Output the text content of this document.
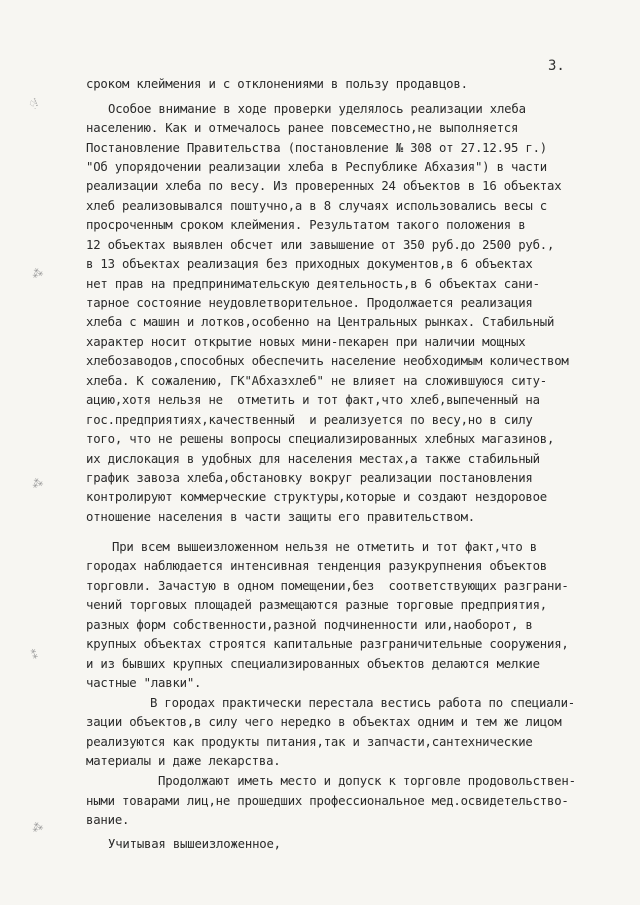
3.
ׅ♢ⵂ
⁂
⁂
⁑
⁂
сроком клеймения и с отклонениями в пользу продавцов.
Особое внимание в ходе проверки уделялось реализации хлеба
населению. Как и отмечалось ранее повсеместно,не выполняется
Постановление Правительства (постановление № 308 от 27.12.95 г.)
"Об упорядочении реализации хлеба в Республике Абхазия") в части
реализации хлеба по весу. Из проверенных 24 объектов в 16 объектах
хлеб реализовывался поштучно,а в 8 случаях использовались весы с
просроченным сроком клеймения. Результатом такого положения в
12 объектах выявлен обсчет или завышение от 350 руб.до 2500 руб.,
в 13 объектах реализация без приходных документов,в 6 объектах
нет прав на предпринимательскую деятельность,в 6 объектах сани-
тарное состояние неудовлетворительное. Продолжается реализация
хлеба с машин и лотков,особенно на Центральных рынках. Стабильный
характер носит открытие новых мини-пекарен при наличии мощных
хлебозаводов,способных обеспечить население необходимым количеством
хлеба. К сожалению, ГК"Абхазхлеб" не влияет на сложившуюся ситу-
ацию,хотя нельзя не  отметить и тот факт,что хлеб,выпеченный на
гос.предприятиях,качественный  и реализуется по весу,но в силу
того, что не решены вопросы специализированных хлебных магазинов,
их дислокация в удобных для населения местах,а также стабильный
график завоза хлеба,обстановку вокруг реализации постановления
контролируют коммерческие структуры,которые и создают нездоровое
отношение населения в части защиты его правительством.
При всем вышеизложенном нельзя не отметить и тот факт,что в
городах наблюдается интенсивная тенденция разукрупнения объектов
торговли. Зачастую в одном помещении,без  соответствующих разграни-
чений торговых площадей размещаются разные торговые предприятия,
разных форм собственности,разной подчиненности или,наоборот, в
крупных объектах строятся капитальные разграничительные сооружения,
и из бывших крупных специализированных объектов делаются мелкие
частные "лавки".
В городах практически перестала вестись работа по специали-
зации объектов,в силу чего нередко в объектах одним и тем же лицом
реализуются как продукты питания,так и запчасти,сантехнические
материалы и даже лекарства.
Продолжают иметь место и допуск к торговле продовольствен-
ными товарами лиц,не прошедших профессиональное мед.освидетельство-
вание.
Учитывая вышеизложенное,
